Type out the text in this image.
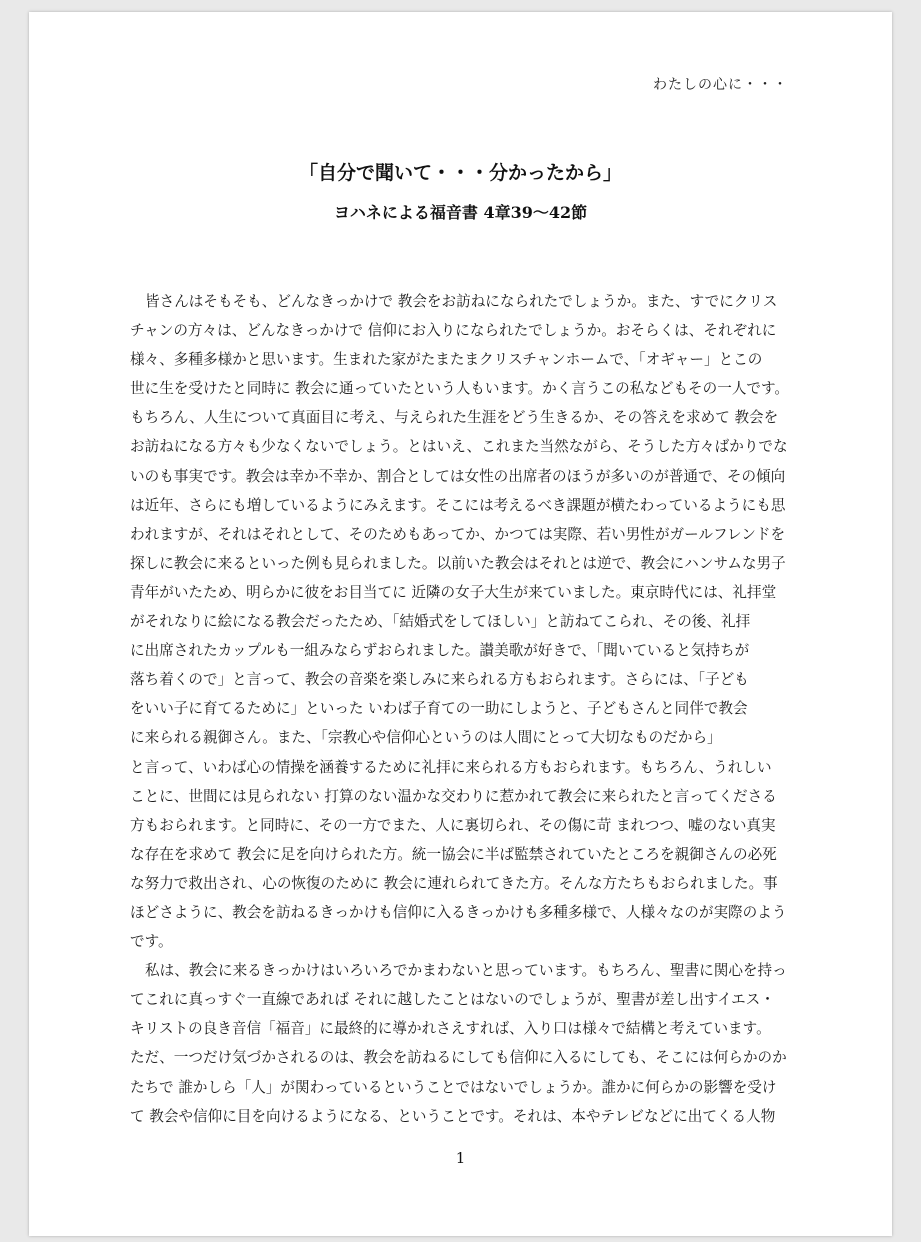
わたしの心に・・・
「自分で聞いて・・・分かったから」
ヨハネによる福音書 4章39〜42節
皆さんはそもそも、どんなきっかけで 教会をお訪ねになられたでしょうか。また、すでにクリス
チャンの方々は、どんなきっかけで 信仰にお入りになられたでしょうか。おそらくは、それぞれに
様々、多種多様かと思います。生まれた家がたまたまクリスチャンホームで、「オギャー」とこの
世に生を受けたと同時に 教会に通っていたという人もいます。かく言うこの私などもその一人です。
もちろん、人生について真面目に考え、与えられた生涯をどう生きるか、その答えを求めて 教会を
お訪ねになる方々も少なくないでしょう。とはいえ、これまた当然ながら、そうした方々ばかりでな
いのも事実です。教会は幸か不幸か、割合としては女性の出席者のほうが多いのが普通で、その傾向
は近年、さらにも増しているようにみえます。そこには考えるべき課題が横たわっているようにも思
われますが、それはそれとして、そのためもあってか、かつては実際、若い男性がガールフレンドを
探しに教会に来るといった例も見られました。以前いた教会はそれとは逆で、教会にハンサムな男子
青年がいたため、明らかに彼をお目当てに 近隣の女子大生が来ていました。東京時代には、礼拝堂
がそれなりに絵になる教会だったため、「結婚式をしてほしい」と訪ねてこられ、その後、礼拝
に出席されたカップルも一組みならずおられました。讃美歌が好きで、「聞いていると気持ちが
落ち着くので」と言って、教会の音楽を楽しみに来られる方もおられます。さらには、「子ども
をいい子に育てるために」といった いわば子育ての一助にしようと、子どもさんと同伴で教会
に来られる親御さん。また、「宗教心や信仰心というのは人間にとって大切なものだから」
と言って、いわば心の情操を涵養するために礼拝に来られる方もおられます。もちろん、うれしい
ことに、世間には見られない 打算のない温かな交わりに惹かれて教会に来られたと言ってくださる
方もおられます。と同時に、その一方でまた、人に裏切られ、その傷に苛 まれつつ、嘘のない真実
な存在を求めて 教会に足を向けられた方。統一協会に半ば監禁されていたところを親御さんの必死
な努力で救出され、心の恢復のために 教会に連れられてきた方。そんな方たちもおられました。事
ほどさように、教会を訪ねるきっかけも信仰に入るきっかけも多種多様で、人様々なのが実際のよう
です。
私は、教会に来るきっかけはいろいろでかまわないと思っています。もちろん、聖書に関心を持っ
てこれに真っすぐ一直線であれば それに越したことはないのでしょうが、聖書が差し出すイエス・
キリストの良き音信「福音」に最終的に導かれさえすれば、入り口は様々で結構と考えています。
ただ、一つだけ気づかされるのは、教会を訪ねるにしても信仰に入るにしても、そこには何らかのか
たちで 誰かしら「人」が関わっているということではないでしょうか。誰かに何らかの影響を受け
て 教会や信仰に目を向けるようになる、ということです。それは、本やテレビなどに出てくる人物
1
